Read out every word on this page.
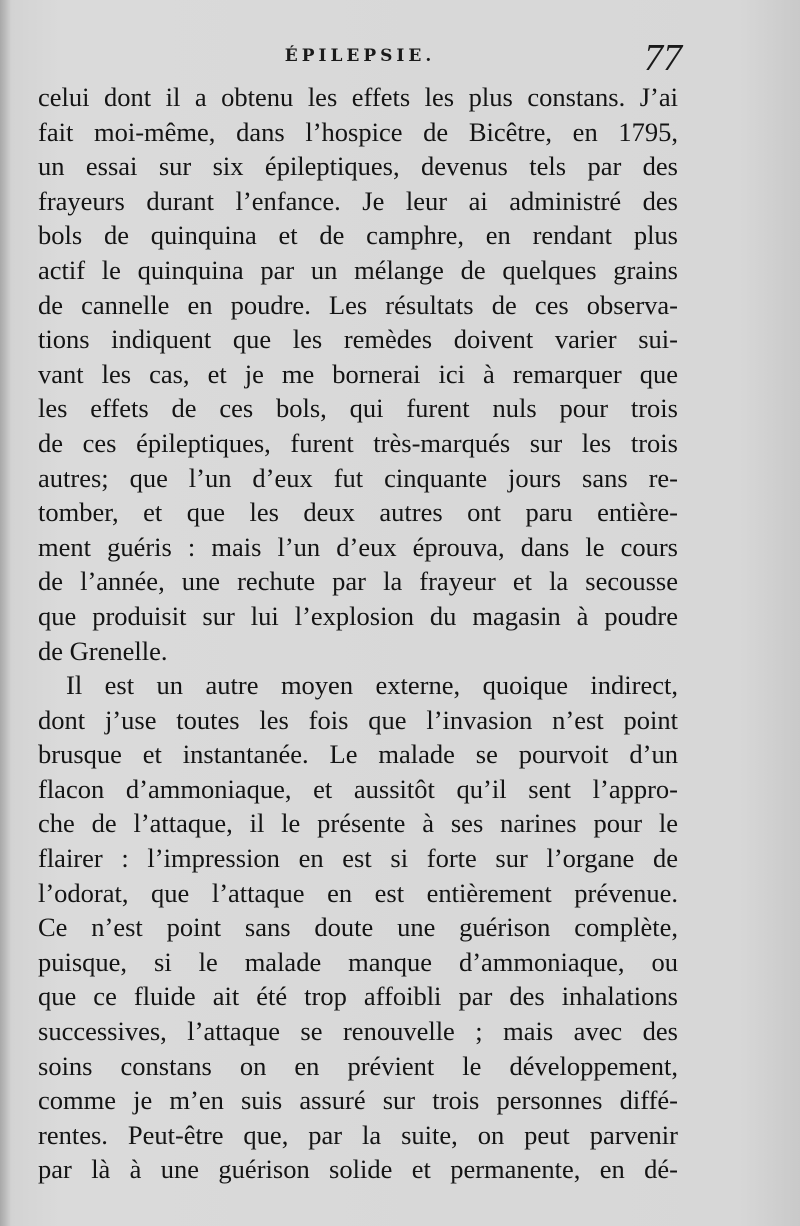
ÉPILEPSIE.	77
celui dont il a obtenu les effets les plus constans. J’ai
fait moi-même, dans l’hospice de Bicêtre, en 1795,
un essai sur six épileptiques, devenus tels par des
frayeurs durant l’enfance. Je leur ai administré des
bols de quinquina et de camphre, en rendant plus
actif le quinquina par un mélange de quelques grains
de cannelle en poudre. Les résultats de ces observa-
tions indiquent que les remèdes doivent varier sui-
vant les cas, et je me bornerai ici à remarquer que
les effets de ces bols, qui furent nuls pour trois
de ces épileptiques, furent très-marqués sur les trois
autres; que l’un d’eux fut cinquante jours sans re-
tomber, et que les deux autres ont paru entière-
ment guéris : mais l’un d’eux éprouva, dans le cours
de l’année, une rechute par la frayeur et la secousse
que produisit sur lui l’explosion du magasin à poudre
de Grenelle.
Il est un autre moyen externe, quoique indirect,
dont j’use toutes les fois que l’invasion n’est point
brusque et instantanée. Le malade se pourvoit d’un
flacon d’ammoniaque, et aussitôt qu’il sent l’appro-
che de l’attaque, il le présente à ses narines pour le
flairer : l’impression en est si forte sur l’organe de
l’odorat, que l’attaque en est entièrement prévenue.
Ce n’est point sans doute une guérison complète,
puisque, si le malade manque d’ammoniaque, ou
que ce fluide ait été trop affoibli par des inhalations
successives, l’attaque se renouvelle ; mais avec des
soins constans on en prévient le développement,
comme je m’en suis assuré sur trois personnes diffé-
rentes. Peut-être que, par la suite, on peut parvenir
par là à une guérison solide et permanente, en dé-
